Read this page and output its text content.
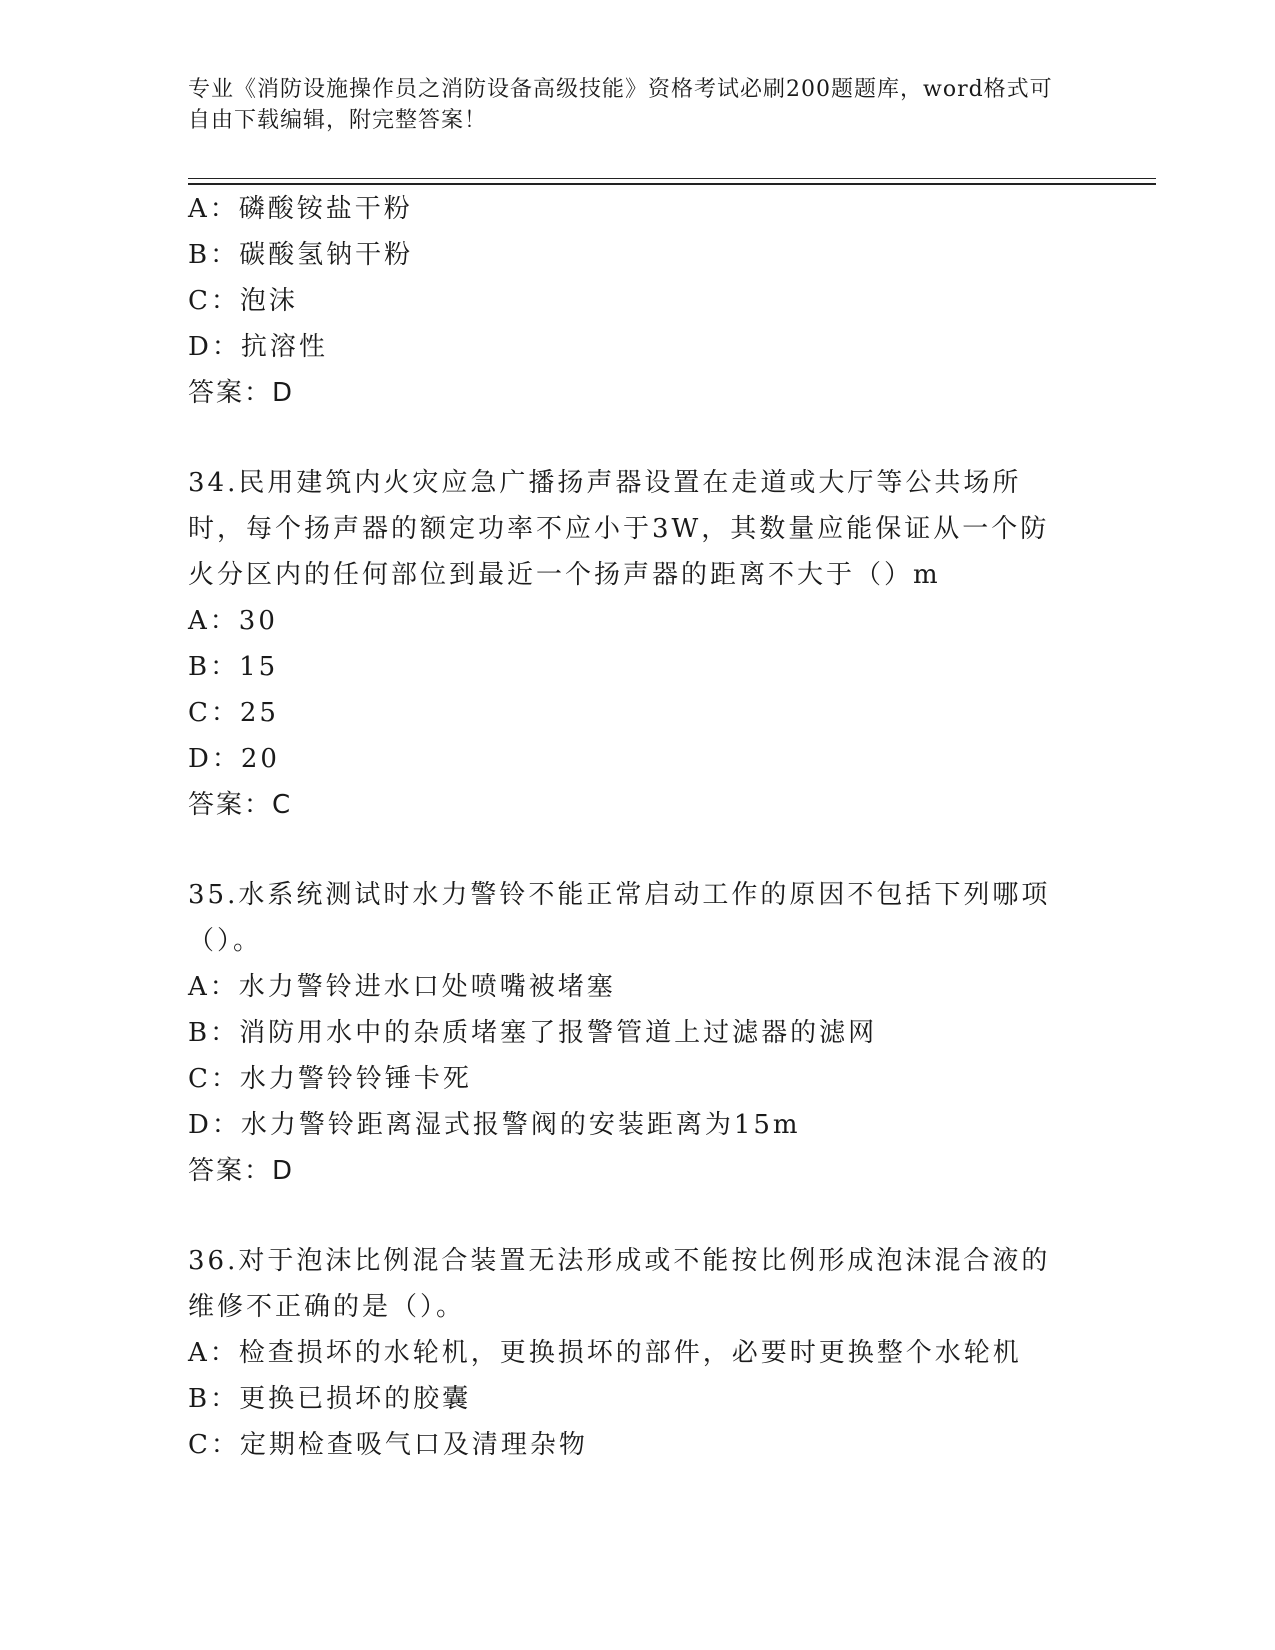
专业《消防设施操作员之消防设备高级技能》资格考试必刷200题题库，word格式可自由下载编辑，附完整答案！
A：磷酸铵盐干粉
B：碳酸氢钠干粉
C：泡沫
D：抗溶性
答案：D
34.民用建筑内火灾应急广播扬声器设置在走道或大厅等公共场所时，每个扬声器的额定功率不应小于3W，其数量应能保证从一个防火分区内的任何部位到最近一个扬声器的距离不大于（）m
A：30
B：15
C：25
D：20
答案：C
35.水系统测试时水力警铃不能正常启动工作的原因不包括下列哪项（）。
A：水力警铃进水口处喷嘴被堵塞
B：消防用水中的杂质堵塞了报警管道上过滤器的滤网
C：水力警铃铃锤卡死
D：水力警铃距离湿式报警阀的安装距离为15m
答案：D
36.对于泡沫比例混合装置无法形成或不能按比例形成泡沫混合液的维修不正确的是（）。
A：检查损坏的水轮机，更换损坏的部件，必要时更换整个水轮机
B：更换已损坏的胶囊
C：定期检查吸气口及清理杂物
